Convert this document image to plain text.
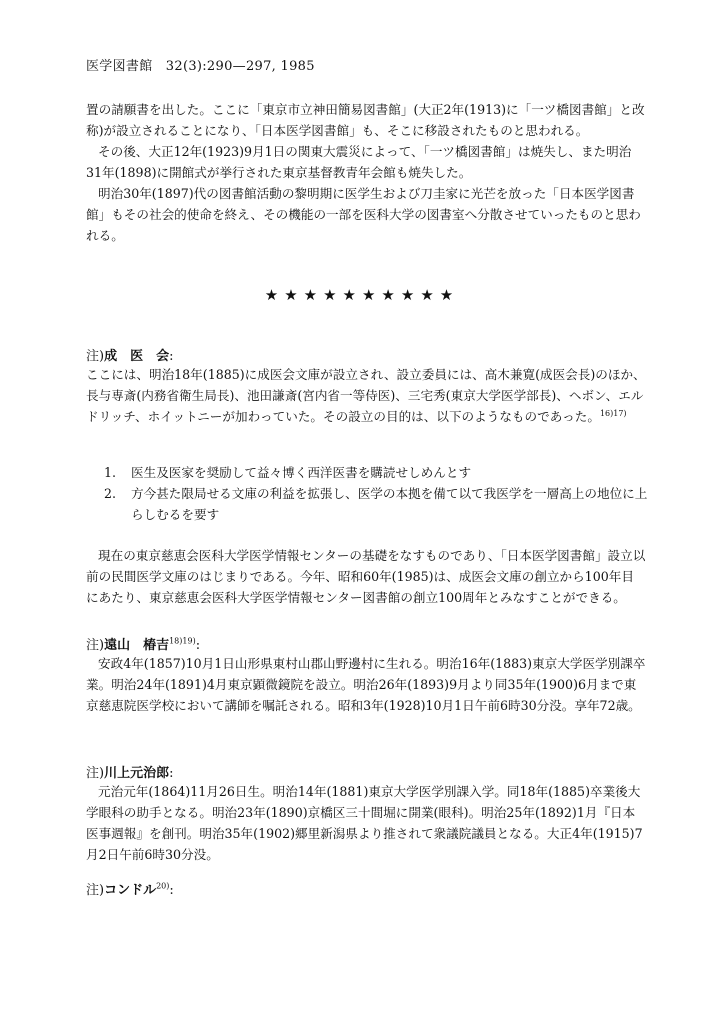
医学図書館　32(3):290—297, 1985

置の請願書を出した。ここに「東京市立神田簡易図書館」(大正2年(1913)に「一ツ橋図書館」と改称)が設立されることになり、「日本医学図書館」も、そこに移設されたものと思われる。

その後、大正12年(1923)9月1日の関東大震災によって、「一ツ橋図書館」は焼失し、また明治31年(1898)に開館式が挙行された東京基督教青年会館も焼失した。

明治30年(1897)代の図書館活動の黎明期に医学生および刀圭家に光芒を放った「日本医学図書館」もその社会的使命を終え、その機能の一部を医科大学の図書室へ分散させていったものと思われる。

★★★★★★★★★★
注)成　医　会:

ここには、明治18年(1885)に成医会文庫が設立され、設立委員には、高木兼寛(成医会長)のほか、長与専斎(内務省衛生局長)、池田謙斎(宮内省一等侍医)、三宅秀(東京大学医学部長)、ヘボン、エルドリッチ、ホイットニーが加わっていた。その設立の目的は、以下のようなものであった。$^{16)17)}$

1. 医生及医家を奨励して益々博く西洋医書を購読せしめんとす
2. 方今甚た限局せる文庫の利益を拡張し、医学の本拠を備て以て我医学を一層高上の地位に上らしむるを要す

現在の東京慈恵会医科大学医学情報センターの基礎をなすものであり、「日本医学図書館」設立以前の民間医学文庫のはじまりである。今年、昭和60年(1985)は、成医会文庫の創立から100年目にあたり、東京慈恵会医科大学医学情報センター図書館の創立100周年とみなすことができる。

注)遠山　椿吉$^{18)19)}$:

安政4年(1857)10月1日山形県東村山郡山野邊村に生れる。明治16年(1883)東京大学医学別課卒業。明治24年(1891)4月東京顕微鏡院を設立。明治26年(1893)9月より同35年(1900)6月まで東京慈恵院医学校において講師を嘱託される。昭和3年(1928)10月1日午前6時30分没。享年72歳。

注)川上元治郎:

元治元年(1864)11月26日生。明治14年(1881)東京大学医学別課入学。同18年(1885)卒業後大学眼科の助手となる。明治23年(1890)京橋区三十間堀に開業(眼科)。明治25年(1892)1月『日本医事週報』を創刊。明治35年(1902)郷里新潟県より推されて衆議院議員となる。大正4年(1915)7月2日午前6時30分没。

注)コンドル$^{20)}$:
